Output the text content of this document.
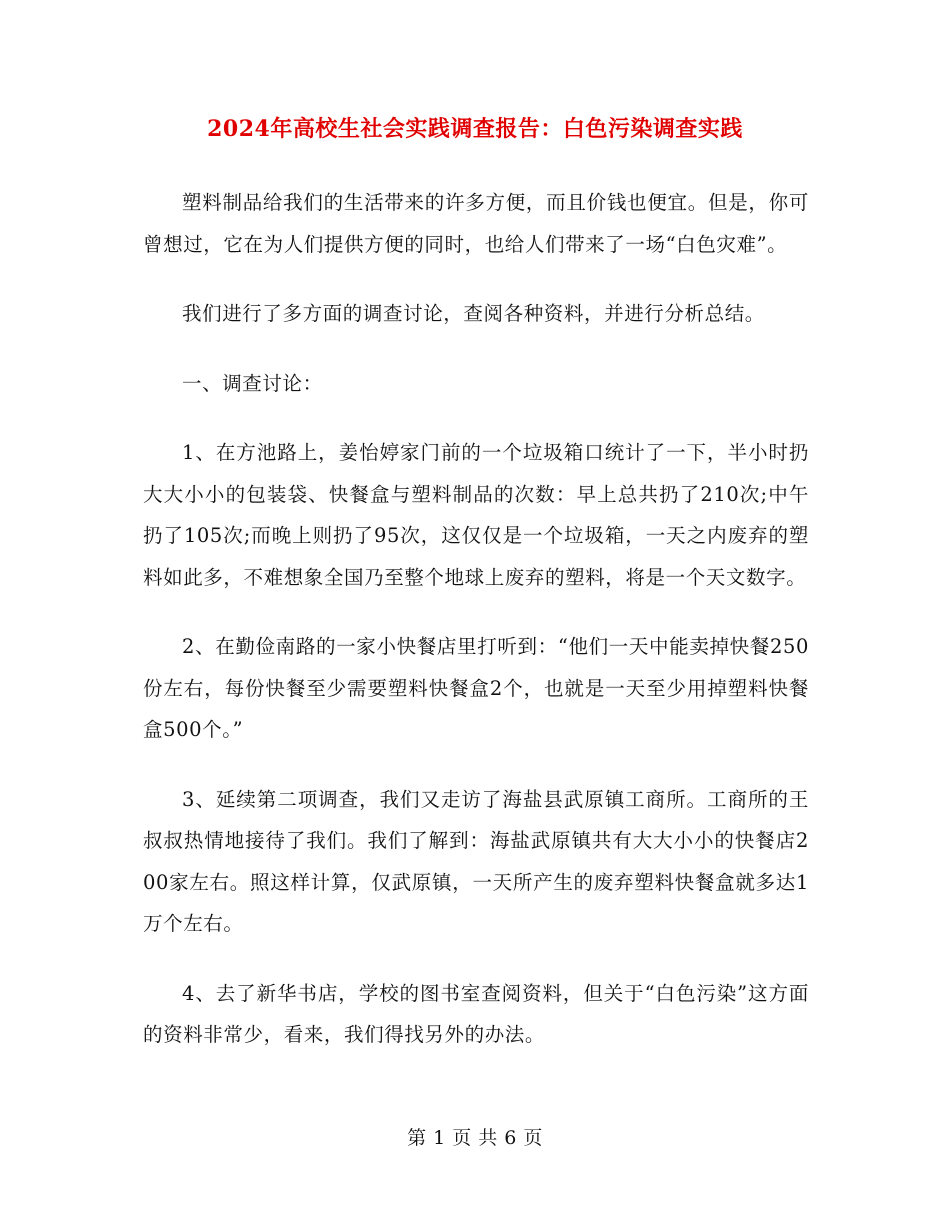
2024年高校生社会实践调查报告：白色污染调查实践

塑料制品给我们的生活带来的许多方便，而且价钱也便宜。但是，你可曾想过，它在为人们提供方便的同时，也给人们带来了一场“白色灾难”。

我们进行了多方面的调查讨论，查阅各种资料，并进行分析总结。

一、调查讨论：

1、在方池路上，姜怡婷家门前的一个垃圾箱口统计了一下，半小时扔大大小小的包装袋、快餐盒与塑料制品的次数：早上总共扔了210次;中午扔了105次;而晚上则扔了95次，这仅仅是一个垃圾箱，一天之内废弃的塑料如此多，不难想象全国乃至整个地球上废弃的塑料，将是一个天文数字。

2、在勤俭南路的一家小快餐店里打听到：“他们一天中能卖掉快餐250份左右，每份快餐至少需要塑料快餐盒2个，也就是一天至少用掉塑料快餐盒500个。”

3、延续第二项调查，我们又走访了海盐县武原镇工商所。工商所的王叔叔热情地接待了我们。我们了解到：海盐武原镇共有大大小小的快餐店200家左右。照这样计算，仅武原镇，一天所产生的废弃塑料快餐盒就多达1万个左右。

4、去了新华书店，学校的图书室查阅资料，但关于“白色污染”这方面的资料非常少，看来，我们得找另外的办法。

第 1 页 共 6 页
